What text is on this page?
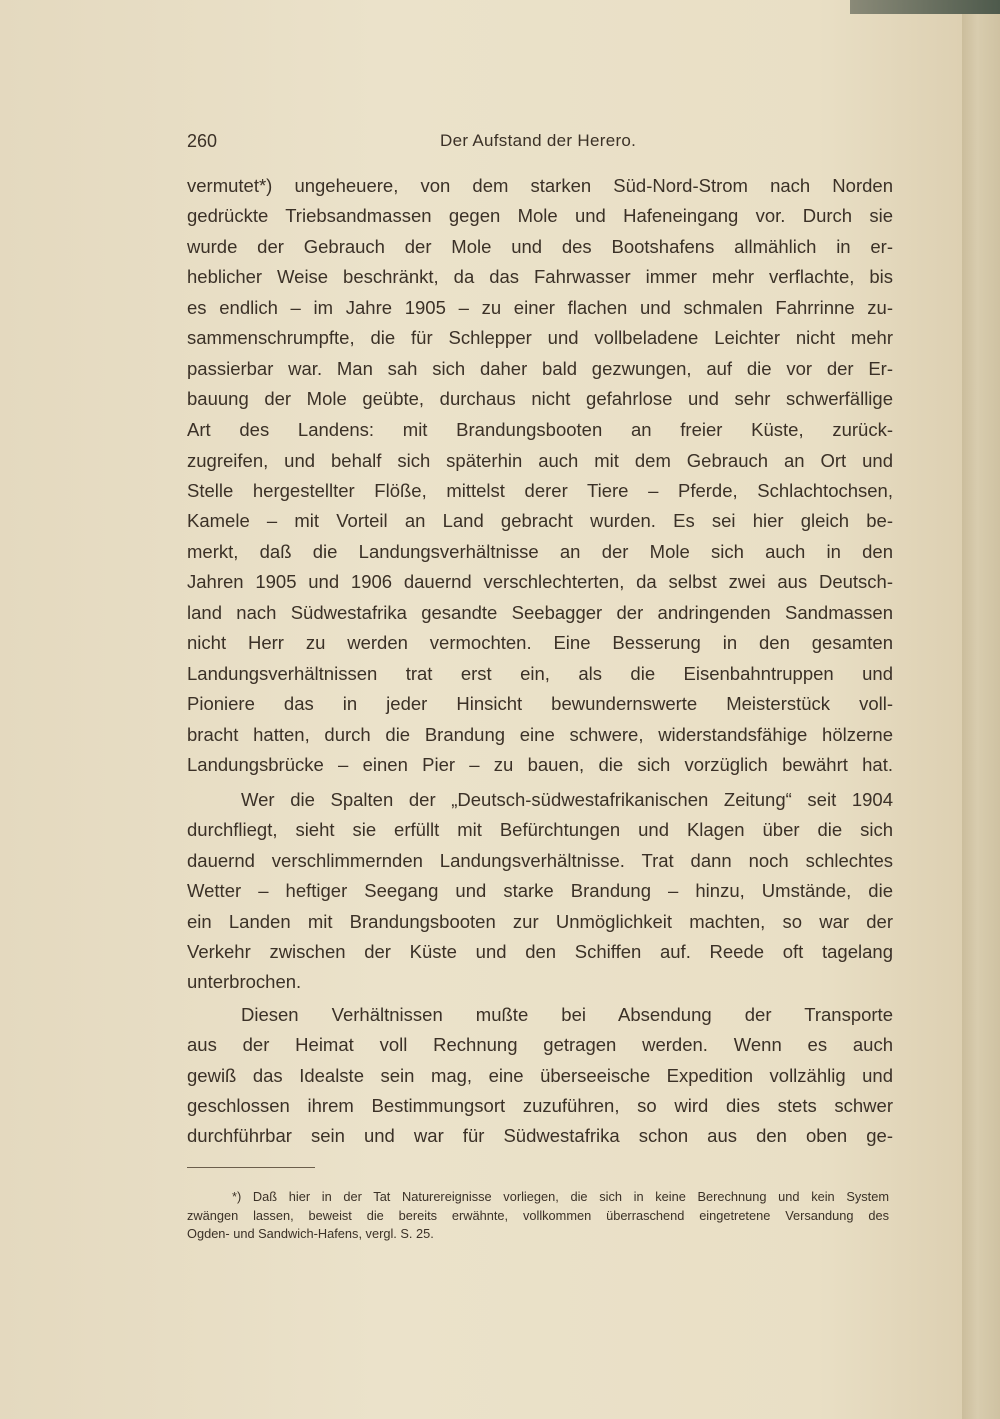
260	Der Aufstand der Herero.
vermutet*) ungeheuere, von dem starken Süd-Nord-Strom nach Norden
gedrückte Triebsandmassen gegen Mole und Hafeneingang vor. Durch sie
wurde der Gebrauch der Mole und des Bootshafens allmählich in er-
heblicher Weise beschränkt, da das Fahrwasser immer mehr verflachte, bis
es endlich – im Jahre 1905 – zu einer flachen und schmalen Fahrrinne zu-
sammenschrumpfte, die für Schlepper und vollbeladene Leichter nicht mehr
passierbar war. Man sah sich daher bald gezwungen, auf die vor der Er-
bauung der Mole geübte, durchaus nicht gefahrlose und sehr schwerfällige
Art des Landens: mit Brandungsbooten an freier Küste, zurück-
zugreifen, und behalf sich späterhin auch mit dem Gebrauch an Ort und
Stelle hergestellter Flöße, mittelst derer Tiere – Pferde, Schlachtochsen,
Kamele – mit Vorteil an Land gebracht wurden. Es sei hier gleich be-
merkt, daß die Landungsverhältnisse an der Mole sich auch in den
Jahren 1905 und 1906 dauernd verschlechterten, da selbst zwei aus Deutsch-
land nach Südwestafrika gesandte Seebagger der andringenden Sandmassen
nicht Herr zu werden vermochten. Eine Besserung in den gesamten
Landungsverhältnissen trat erst ein, als die Eisenbahntruppen und
Pioniere das in jeder Hinsicht bewundernswerte Meisterstück voll-
bracht hatten, durch die Brandung eine schwere, widerstandsfähige hölzerne
Landungsbrücke – einen Pier – zu bauen, die sich vorzüglich bewährt hat.
Wer die Spalten der „Deutsch-südwestafrikanischen Zeitung“ seit 1904
durchfliegt, sieht sie erfüllt mit Befürchtungen und Klagen über die sich
dauernd verschlimmernden Landungsverhältnisse. Trat dann noch schlechtes
Wetter – heftiger Seegang und starke Brandung – hinzu, Umstände, die
ein Landen mit Brandungsbooten zur Unmöglichkeit machten, so war der
Verkehr zwischen der Küste und den Schiffen auf. Reede oft tagelang
unterbrochen.
Diesen Verhältnissen mußte bei Absendung der Transporte
aus der Heimat voll Rechnung getragen werden. Wenn es auch
gewiß das Idealste sein mag, eine überseeische Expedition vollzählig und
geschlossen ihrem Bestimmungsort zuzuführen, so wird dies stets schwer
durchführbar sein und war für Südwestafrika schon aus den oben ge-
*) Daß hier in der Tat Naturereignisse vorliegen, die sich in keine Berechnung und kein System
zwängen lassen, beweist die bereits erwähnte, vollkommen überraschend eingetretene Versandung des
Ogden- und Sandwich-Hafens, vergl. S. 25.
